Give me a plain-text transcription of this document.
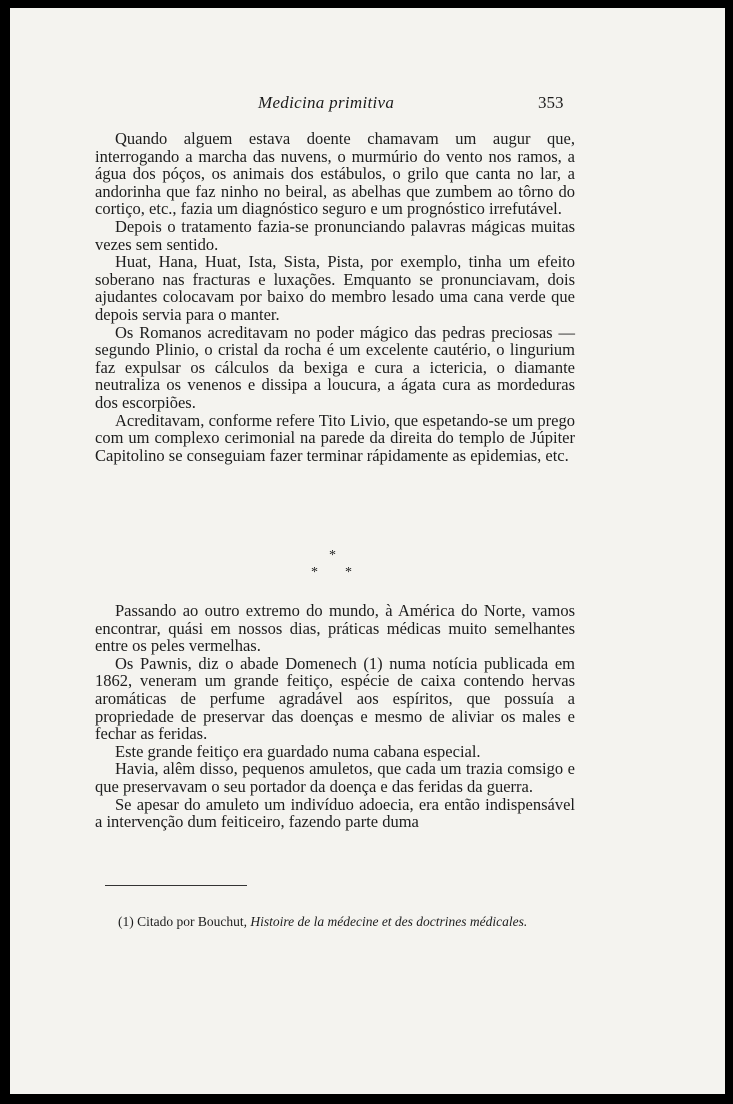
Medicina primitiva	353

Quando alguem estava doente chamavam um augur que, interrogando a marcha das nuvens, o murmúrio do vento nos ramos, a água dos póços, os animais dos estábulos, o grilo que canta no lar, a andorinha que faz ninho no beiral, as abelhas que zumbem ao tôrno do cortiço, etc., fazia um diagnóstico seguro e um prognóstico irrefutável.

Depois o tratamento fazia-se pronunciando palavras mágicas muitas vezes sem sentido.

Huat, Hana, Huat, Ista, Sista, Pista, por exemplo, tinha um efeito soberano nas fracturas e luxações. Emquanto se pronunciavam, dois ajudantes colocavam por baixo do membro lesado uma cana verde que depois servia para o manter.

Os Romanos acreditavam no poder mágico das pedras preciosas — segundo Plinio, o cristal da rocha é um excelente cautério, o lingurium faz expulsar os cálculos da bexiga e cura a ictericia, o diamante neutraliza os venenos e dissipa a loucura, a ágata cura as mordeduras dos escorpiões.

Acreditavam, conforme refere Tito Livio, que espetando-se um prego com um complexo cerimonial na parede da direita do templo de Júpiter Capitolino se conseguiam fazer terminar rápidamente as epidemias, etc.

*
* *

Passando ao outro extremo do mundo, à América do Norte, vamos encontrar, quási em nossos dias, práticas médicas muito semelhantes entre os peles vermelhas.

Os Pawnis, diz o abade Domenech (1) numa notícia publicada em 1862, veneram um grande feitiço, espécie de caixa contendo hervas aromáticas de perfume agradável aos espíritos, que possuía a propriedade de preservar das doenças e mesmo de aliviar os males e fechar as feridas.

Este grande feitiço era guardado numa cabana especial.

Havia, alêm disso, pequenos amuletos, que cada um trazia comsigo e que preservavam o seu portador da doença e das feridas da guerra.

Se apesar do amuleto um indivíduo adoecia, era então indispensável a intervenção dum feiticeiro, fazendo parte duma

(1) Citado por Bouchut, Histoire de la médecine et des doctrines médicales.
